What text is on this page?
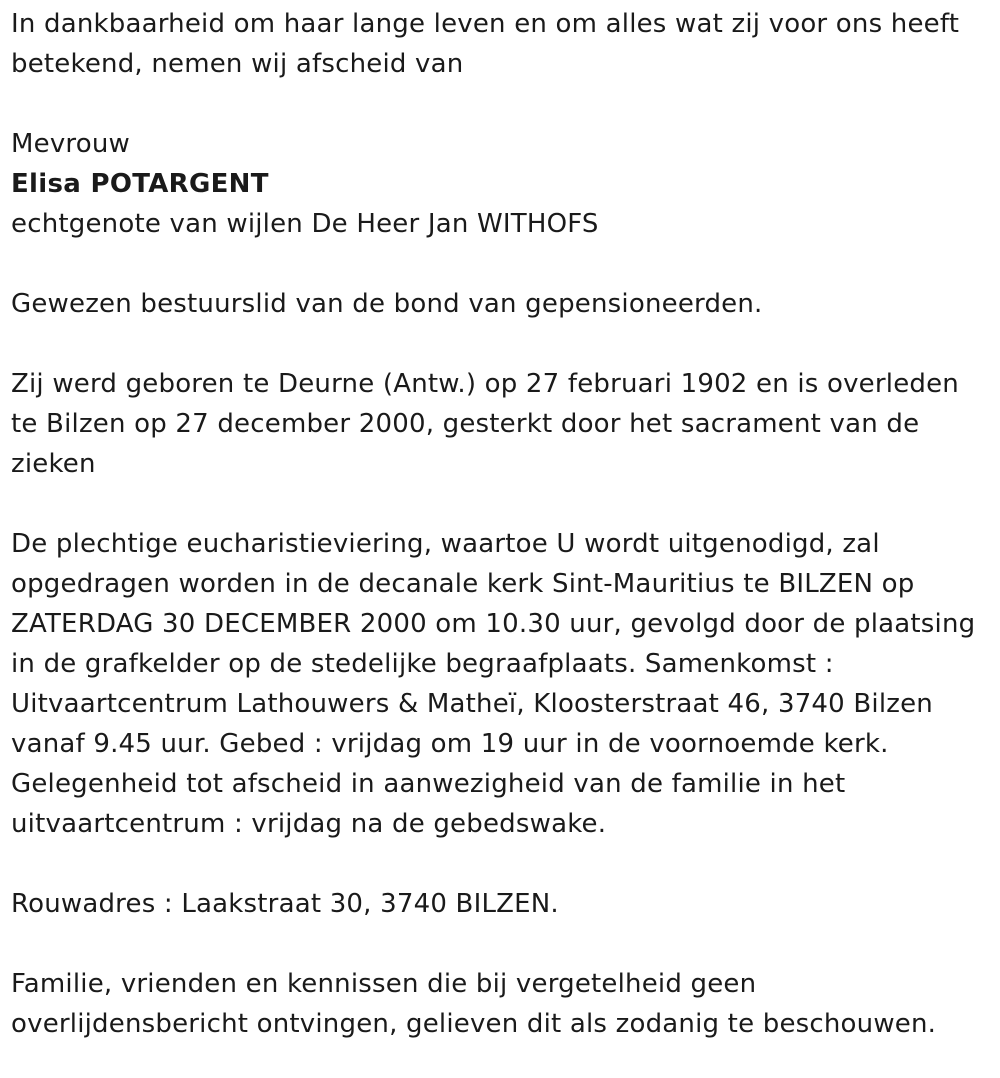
In dankbaarheid om haar lange leven en om alles wat zij voor ons heeft
betekend, nemen wij afscheid van
Mevrouw
Elisa POTARGENT
echtgenote van wijlen De Heer Jan WITHOFS
Gewezen bestuurslid van de bond van gepensioneerden.
Zij werd geboren te Deurne (Antw.) op 27 februari 1902 en is overleden
te Bilzen op 27 december 2000, gesterkt door het sacrament van de
zieken
De plechtige eucharistieviering, waartoe U wordt uitgenodigd, zal
opgedragen worden in de decanale kerk Sint-Mauritius te BILZEN op
ZATERDAG 30 DECEMBER 2000 om 10.30 uur, gevolgd door de plaatsing
in de grafkelder op de stedelijke begraafplaats. Samenkomst :
Uitvaartcentrum Lathouwers & Matheï, Kloosterstraat 46, 3740 Bilzen
vanaf 9.45 uur. Gebed : vrijdag om 19 uur in de voornoemde kerk.
Gelegenheid tot afscheid in aanwezigheid van de familie in het
uitvaartcentrum : vrijdag na de gebedswake.
Rouwadres : Laakstraat 30, 3740 BILZEN.
Familie, vrienden en kennissen die bij vergetelheid geen
overlijdensbericht ontvingen, gelieven dit als zodanig te beschouwen.
